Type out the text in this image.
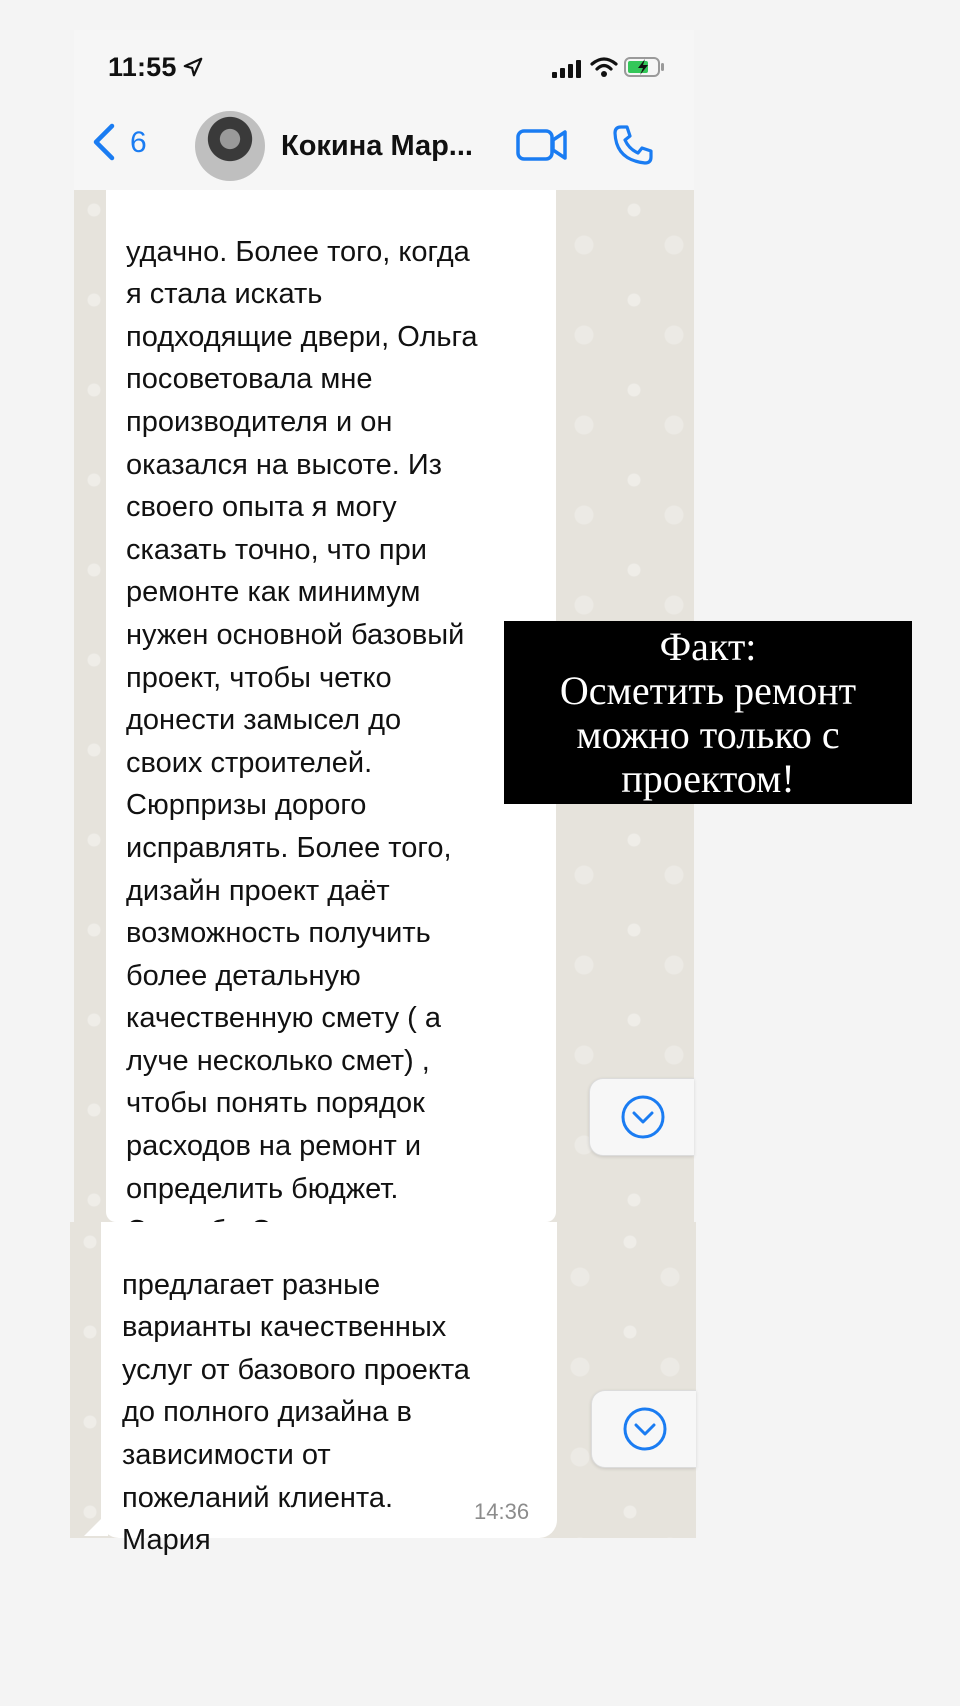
11:55
6	Кокина Мар...

удачно. Более того, когда
я стала искать
подходящие двери, Ольга
посоветовала мне
производителя и он
оказался на высоте. Из
своего опыта я могу
сказать точно, что при
ремонте как минимум
нужен основной базовый
проект, чтобы четко
донести замысел до
своих строителей.
Сюрпризы дорого
исправлять. Более того,
дизайн проект даёт
возможность получить
более детальную
качественную смету ( а
луче несколько смет) ,
чтобы понять порядок
расходов на ремонт и
определить бюджет.

предлагает разные
варианты качественных
услуг от базового проекта
до полного дизайна в
зависимости от
пожеланий клиента.
Мария

14:36
Факт:
Осметить ремонт
можно только с
проектом!
